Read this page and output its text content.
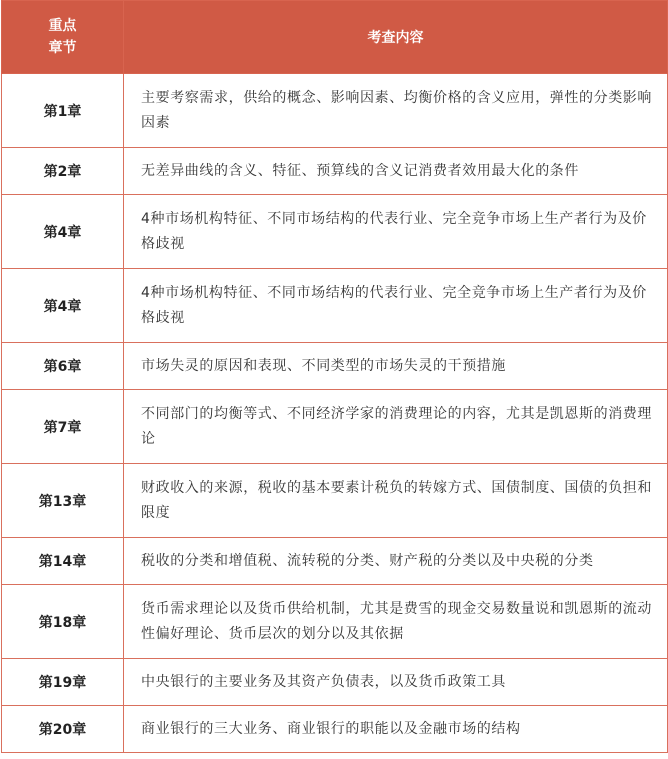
重点
章节	考查内容
第1章	主要考察需求，供给的概念、影响因素、均衡价格的含义应用，弹性的分类影响因素
第2章	无差异曲线的含义、特征、预算线的含义记消费者效用最大化的条件
第4章	4种市场机构特征、不同市场结构的代表行业、完全竞争市场上生产者行为及价格歧视
第4章	4种市场机构特征、不同市场结构的代表行业、完全竞争市场上生产者行为及价格歧视
第6章	市场失灵的原因和表现、不同类型的市场失灵的干预措施
第7章	不同部门的均衡等式、不同经济学家的消费理论的内容，尤其是凯恩斯的消费理论
第13章	财政收入的来源，税收的基本要素计税负的转嫁方式、国债制度、国债的负担和限度
第14章	税收的分类和增值税、流转税的分类、财产税的分类以及中央税的分类
第18章	货币需求理论以及货币供给机制，尤其是费雪的现金交易数量说和凯恩斯的流动性偏好理论、货币层次的划分以及其依据
第19章	中央银行的主要业务及其资产负债表，以及货币政策工具
第20章	商业银行的三大业务、商业银行的职能以及金融市场的结构
